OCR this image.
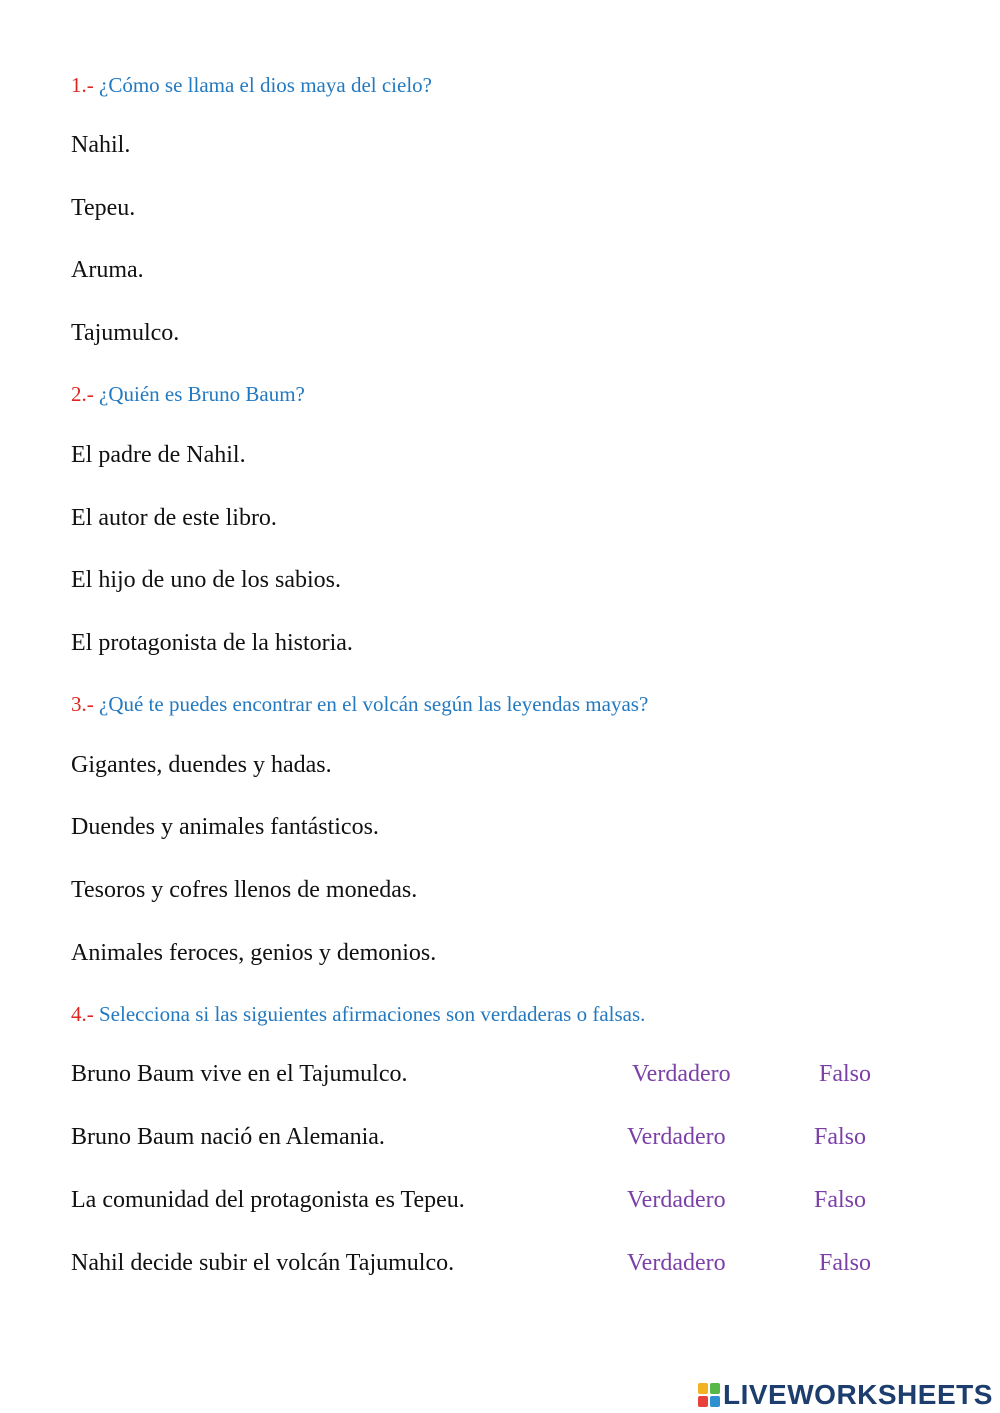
1.- ¿Cómo se llama el dios maya del cielo?
Nahil.
Tepeu.
Aruma.
Tajumulco.
2.- ¿Quién es Bruno Baum?
El padre de Nahil.
El autor de este libro.
El hijo de uno de los sabios.
El protagonista de la historia.
3.- ¿Qué te puedes encontrar en el volcán según las leyendas mayas?
Gigantes, duendes y hadas.
Duendes y animales fantásticos.
Tesoros y cofres llenos de monedas.
Animales feroces, genios y demonios.
4.- Selecciona si las siguientes afirmaciones son verdaderas o falsas.
Bruno Baum vive en el Tajumulco.	Verdadero	Falso
Bruno Baum nació en Alemania.	Verdadero	Falso
La comunidad del protagonista es Tepeu.	Verdadero	Falso
Nahil decide subir el volcán Tajumulco.	Verdadero	Falso
LIVEWORKSHEETS
